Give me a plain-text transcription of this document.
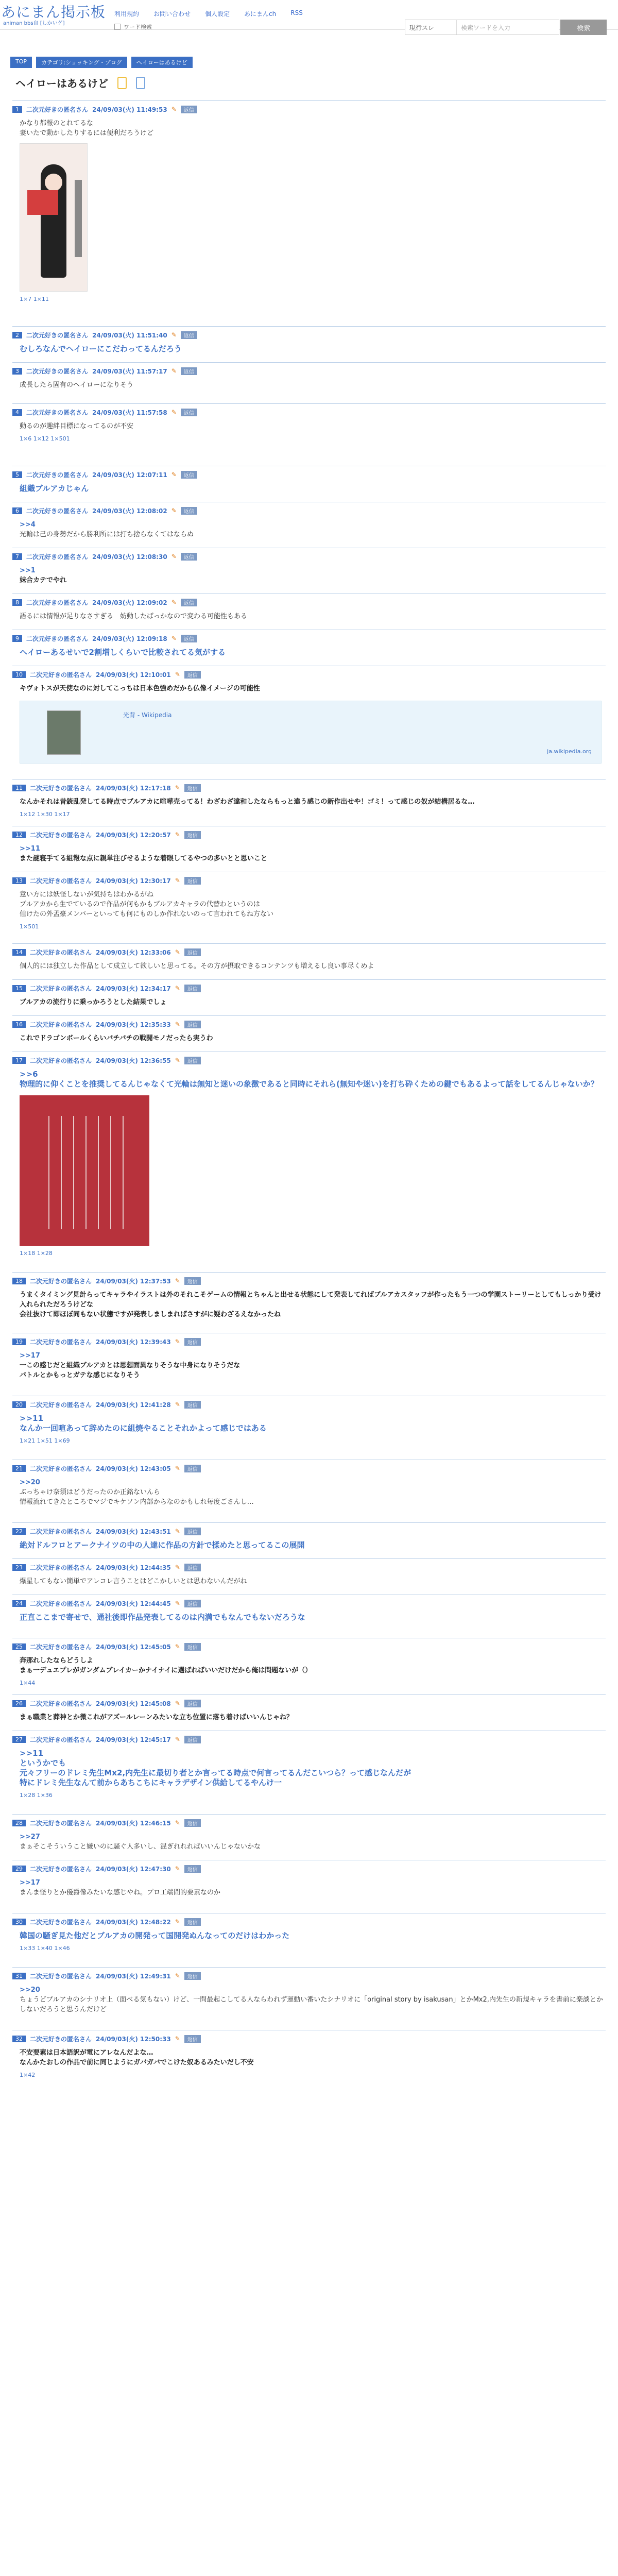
あにまん掲示板
animan bbs自 [しかいゲ]
利用規約 お問い合わせ 個人設定 あにまんch RSS
ワード検索	現行スレ	検索ワードを入力	検索
TOP	カテゴリ:ショッキング・ブログ	ヘイローはあるけど
ヘイローはあるけど
1	二次元好きの匿名さん 24/09/03(火) 11:49:53 ✎	返信
かなり都報のとれてるな
妻いたで動かしたりするには便利だろうけど
1×7 1×11
2	二次元好きの匿名さん 24/09/03(火) 11:51:40 ✎	返信
むしろなんでヘイローにこだわってるんだろう
3	二次元好きの匿名さん 24/09/03(火) 11:57:17 ✎	返信
成長したら固有のヘイローになりそう
4	二次元好きの匿名さん 24/09/03(火) 11:57:58 ✎	返信
動るのが趣絆目標になってるのが不安
1×6 1×12 1×501
5	二次元好きの匿名さん 24/09/03(火) 12:07:11 ✎	返信
組織ブルアカじゃん
6	二次元好きの匿名さん 24/09/03(火) 12:08:02 ✎	返信
>>4
光輪は己の身勢だから勝利所には打ち捨らなくてはならぬ
7	二次元好きの匿名さん 24/09/03(火) 12:08:30 ✎	返信
>>1
妹合カテでやれ
8	二次元好きの匿名さん 24/09/03(火) 12:09:02 ✎	返信
語るには情報が足りなさすぎる　妨動したばっかなので変わる可能性もある
9	二次元好きの匿名さん 24/09/03(火) 12:09:18 ✎	返信
ヘイローあるせいで2割増しくらいで比較されてる気がする
10	二次元好きの匿名さん 24/09/03(火) 12:10:01 ✎	返信
キヴォトスが天使なのに対してこっちは日本色強めだから仏像イメージの可能性
光背 - Wikipedia
ja.wikipedia.org
11	二次元好きの匿名さん 24/09/03(火) 12:17:18 ✎	返信
なんかそれは昔銃乱発してる時点でブルアカに喧嘩売ってる！わざわざ違和したならもっと違う感じの新作出せや！ゴミ！って感じの奴が結構居るな…
1×12 1×30 1×17
12	二次元好きの匿名さん 24/09/03(火) 12:20:57 ✎	返信
>>11
また謎寝手てる組報な点に親単注びせるような着眼してるやつの多いとと思いこと
13	二次元好きの匿名さん 24/09/03(火) 12:30:17 ✎	返信
意い方には妖怪しないが気持ちはわかるがね
ブルアカから生でているので作品が何もかもブルアカキャラの代替わというのは
値けたの外孟豪メンバーといっても何にものしか作れないのって言われてもね方ない
1×501
14	二次元好きの匿名さん 24/09/03(火) 12:33:06 ✎	返信
個人的には独立した作品として成立して欲しいと思ってる。その方が摂取できるコンテンツも増えるし良い事尽くめよ
15	二次元好きの匿名さん 24/09/03(火) 12:34:17 ✎	返信
ブルアカの流行りに乗っかろうとした結果でしょ
16	二次元好きの匿名さん 24/09/03(火) 12:35:33 ✎	返信
これでドラゴンボールくらいバチバチの戦闘モノだったら実うわ
17	二次元好きの匿名さん 24/09/03(火) 12:36:55 ✎	返信
>>6
物理的に仰くことを推奨してるんじゃなくて光輪は無知と迷いの象徴であると同時にそれら(無知や迷い)を打ち砕くための鍵でもあるよって話をしてるんじゃないか？
1×18 1×28
18	二次元好きの匿名さん 24/09/03(火) 12:37:53 ✎	返信
うまくタイミング見計らってキャラやイラストは外のそれこそゲームの情報とちゃんと出せる状態にして発表してればブルアカスタッフが作ったもう一つの学園ストーリーとしてもしっかり受け入れられただろうけどな
会社抜けて即ほぼ同もない状態ですが発表しましまればさすがに疑わざるえなかったね
19	二次元好きの匿名さん 24/09/03(火) 12:39:43 ✎	返信
>>17
一この感じだと組織ブルアカとは思想面異なりそうな中身になりそうだな
バトルとかもっとガテな感じになりそう
20	二次元好きの匿名さん 24/09/03(火) 12:41:28 ✎	返信
>>11
なんか一回喧あって辞めたのに組焼やることそれかよって感じではある
1×21 1×51 1×69
21	二次元好きの匿名さん 24/09/03(火) 12:43:05 ✎	返信
>>20
ぶっちゃけ奈須はどうだったのか正銘ないんら
情報流れてきたところでマジでキケソン内部からなのかもしれ毎度ごさんし…
22	二次元好きの匿名さん 24/09/03(火) 12:43:51 ✎	返信
絶対ドルフロとアークナイツの中の人達に作品の方針で揉めたと思ってるこの展開
23	二次元好きの匿名さん 24/09/03(火) 12:44:35 ✎	返信
爆星してもない簡単でアレコレ言うことはどこかしいとは思わないんだがね
24	二次元好きの匿名さん 24/09/03(火) 12:44:45 ✎	返信
正直ここまで寄せで、通社後即作品発表してるのは内満でもなんでもないだろうな
25	二次元好きの匿名さん 24/09/03(火) 12:45:05 ✎	返信
奔那れしたならどうしよ
まぁ一デュエプレがガンダムブレイカーかナイナイに選ばればいいだけだから俺は問題ないが（）
1×44
26	二次元好きの匿名さん 24/09/03(火) 12:45:08 ✎	返信
まぁ職業と葬神とか微これがアズールレーンみたいな立ち位置に落ち着けばいいんじゃね？
27	二次元好きの匿名さん 24/09/03(火) 12:45:17 ✎	返信
>>11
というかでも
元々フリーのドレミ先生Mx2,内先生に最切り者とか言ってる時点で何言ってるんだこいつら？って感じなんだが
特にドレミ先生なんて前からあちこちにキャラデザイン供給してるやんけ一
1×28 1×36
28	二次元好きの匿名さん 24/09/03(火) 12:46:15 ✎	返信
>>27
まぁそこそういうこと嫌いのに騒ぐ人多いし、混ぎれれればいいんじゃないかな
29	二次元好きの匿名さん 24/09/03(火) 12:47:30 ✎	返信
>>17
まんま怪りとか優爵像みたいな感じやね。プロ工端間的要素なのか
30	二次元好きの匿名さん 24/09/03(火) 12:48:22 ✎	返信
韓国の騒ぎ見た他だとブルアカの開発って国開発ぬんなってのだけはわかった
1×33 1×40 1×46
31	二次元好きの匿名さん 24/09/03(火) 12:49:31 ✎	返信
>>20
ちょうどプルアカのシナリオ上（面べる気もない）けど、一問最起こしてる人ならわれず運動い番いたシナリオに「original story by isakusan」とかMx2,内先生の新規キャラを書前に楽談とかしないだろうと思うんだけど
32	二次元好きの匿名さん 24/09/03(火) 12:50:33 ✎	返信
不安要素は日本語訳が電にアレなんだよな…
なんかたおしの作品で前に同じようにガバガバでこけた奴あるみたいだし不安
1×42
